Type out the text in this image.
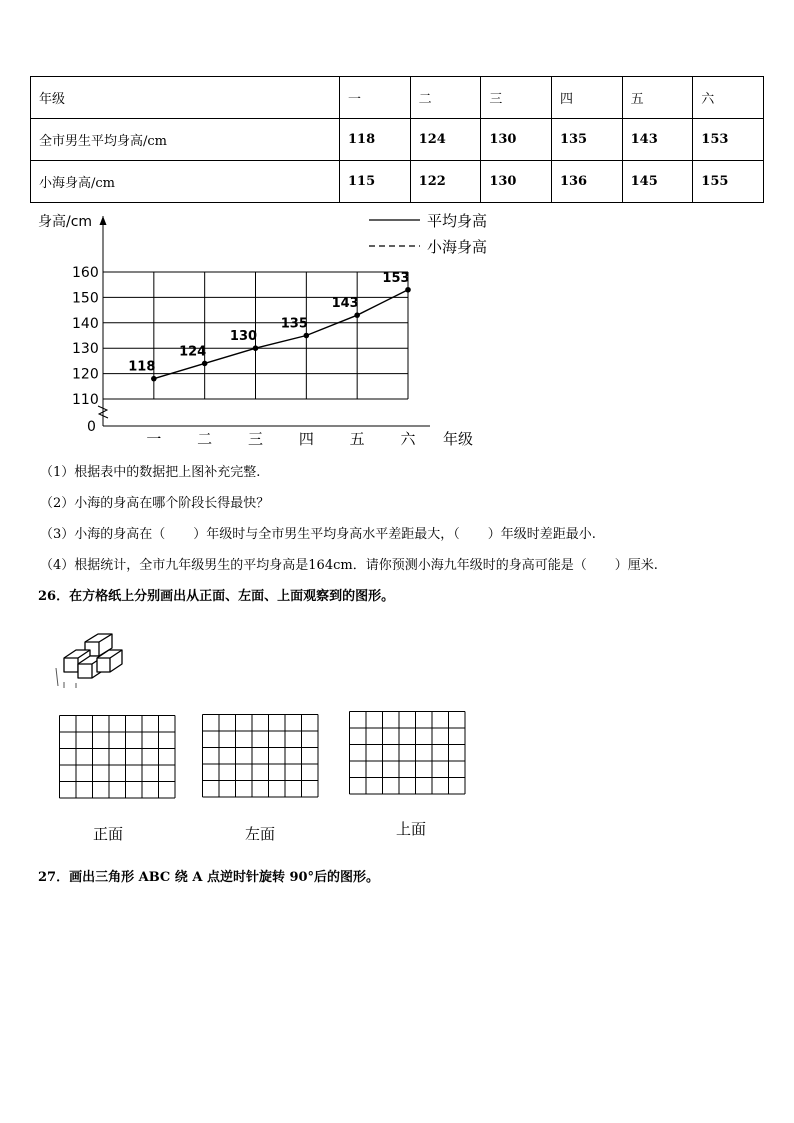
年级	一	二	三	四	五	六
全市男生平均身高/cm	118	124	130	135	143	153
小海身高/cm	115	122	130	136	145	155
身高/cm
0
110
120
130
140
150
160
一 二 三 四 五 六 年级
平均身高
小海身高
118
124
130
135
143
153
（1）根据表中的数据把上图补充完整.
（2）小海的身高在哪个阶段长得最快？
（3）小海的身高在（ ）年级时与全市男生平均身高水平差距最大，（ ）年级时差距最小.
（4）根据统计，全市九年级男生的平均身高是164cm．请你预测小海九年级时的身高可能是（ ）厘米.
26．在方格纸上分别画出从正面、左面、上面观察到的图形。
正面	左面	上面
27．画出三角形 ABC 绕 A 点逆时针旋转 90°后的图形。
